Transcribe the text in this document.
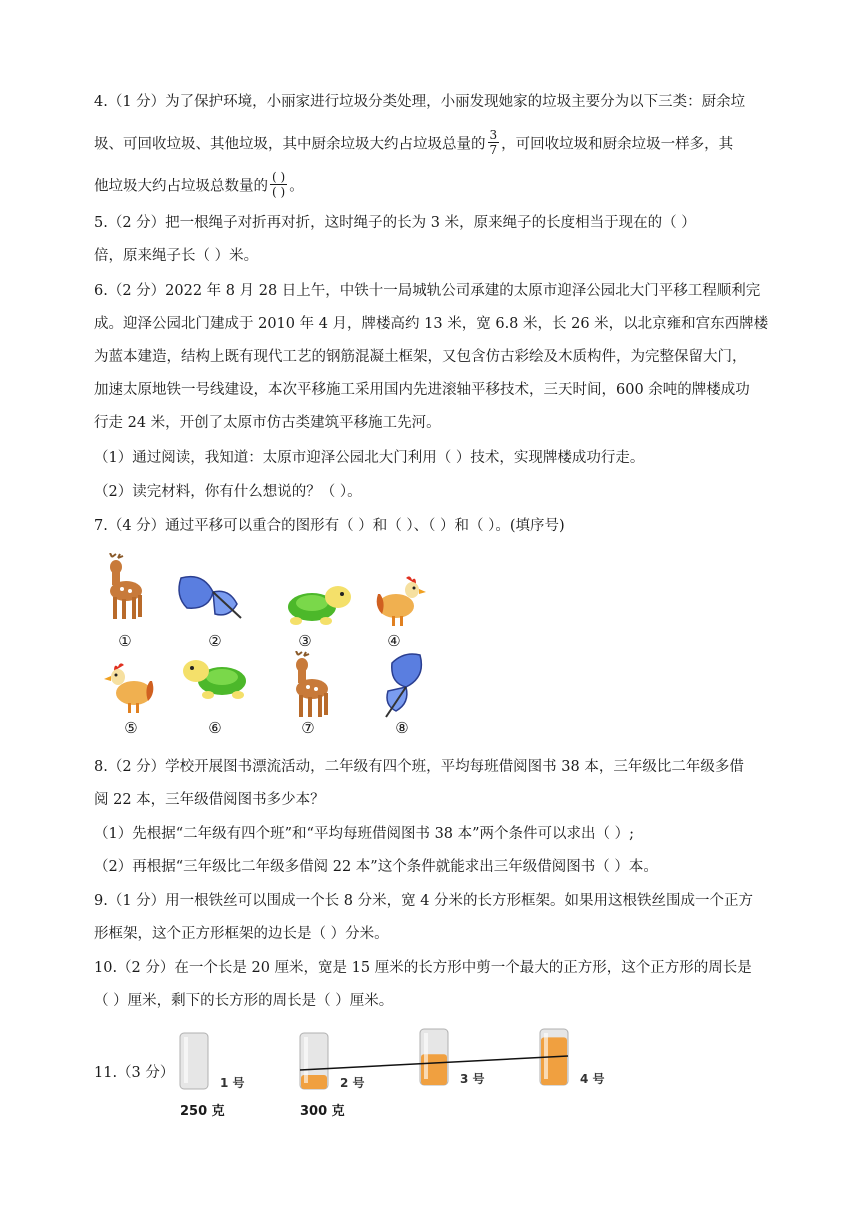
4.（1 分）为了保护环境，小丽家进行垃圾分类处理，小丽发现她家的垃圾主要分为以下三类：厨余垃
圾、可回收垃圾、其他垃圾，其中厨余垃圾大约占垃圾总量的 $\frac{3}{7}$ ，可回收垃圾和厨余垃圾一样多，其
他垃圾大约占垃圾总数量的 $\frac{( )}{( )}$ 。
5.（2 分）把一根绳子对折再对折，这时绳子的长为 3 米，原来绳子的长度相当于现在的（ ）
倍，原来绳子长（ ）米。
6.（2 分）2022 年 8 月 28 日上午，中铁十一局城轨公司承建的太原市迎泽公园北大门平移工程顺利完
成。迎泽公园北门建成于 2010 年 4 月，牌楼高约 13 米，宽 6.8 米，长 26 米，以北京雍和宫东西牌楼
为蓝本建造，结构上既有现代工艺的钢筋混凝土框架，又包含仿古彩绘及木质构件，为完整保留大门，
加速太原地铁一号线建设，本次平移施工采用国内先进滚轴平移技术，三天时间，600 余吨的牌楼成功
行走 24 米，开创了太原市仿古类建筑平移施工先河。
（1）通过阅读，我知道：太原市迎泽公园北大门利用（ ）技术，实现牌楼成功行走。
（2）读完材料，你有什么想说的？（ ）。
7.（4 分）通过平移可以重合的图形有（ ）和（ ）、（ ）和（ ）。(填序号)
①	②	③	④
⑤	⑥	⑦	⑧
8.（2 分）学校开展图书漂流活动，二年级有四个班，平均每班借阅图书 38 本，三年级比二年级多借
阅 22 本，三年级借阅图书多少本？
（1）先根据“二年级有四个班”和“平均每班借阅图书 38 本”两个条件可以求出（ ）;
（2）再根据“三年级比二年级多借阅 22 本”这个条件就能求出三年级借阅图书（ ）本。
9.（1 分）用一根铁丝可以围成一个长 8 分米，宽 4 分米的长方形框架。如果用这根铁丝围成一个正方
形框架，这个正方形框架的边长是（ ）分米。
10.（2 分）在一个长是 20 厘米，宽是 15 厘米的长方形中剪一个最大的正方形，这个正方形的周长是
（ ）厘米，剩下的长方形的周长是（ ）厘米。
11.（3 分）
1 号	2 号	3 号	4 号
250 克	300 克
